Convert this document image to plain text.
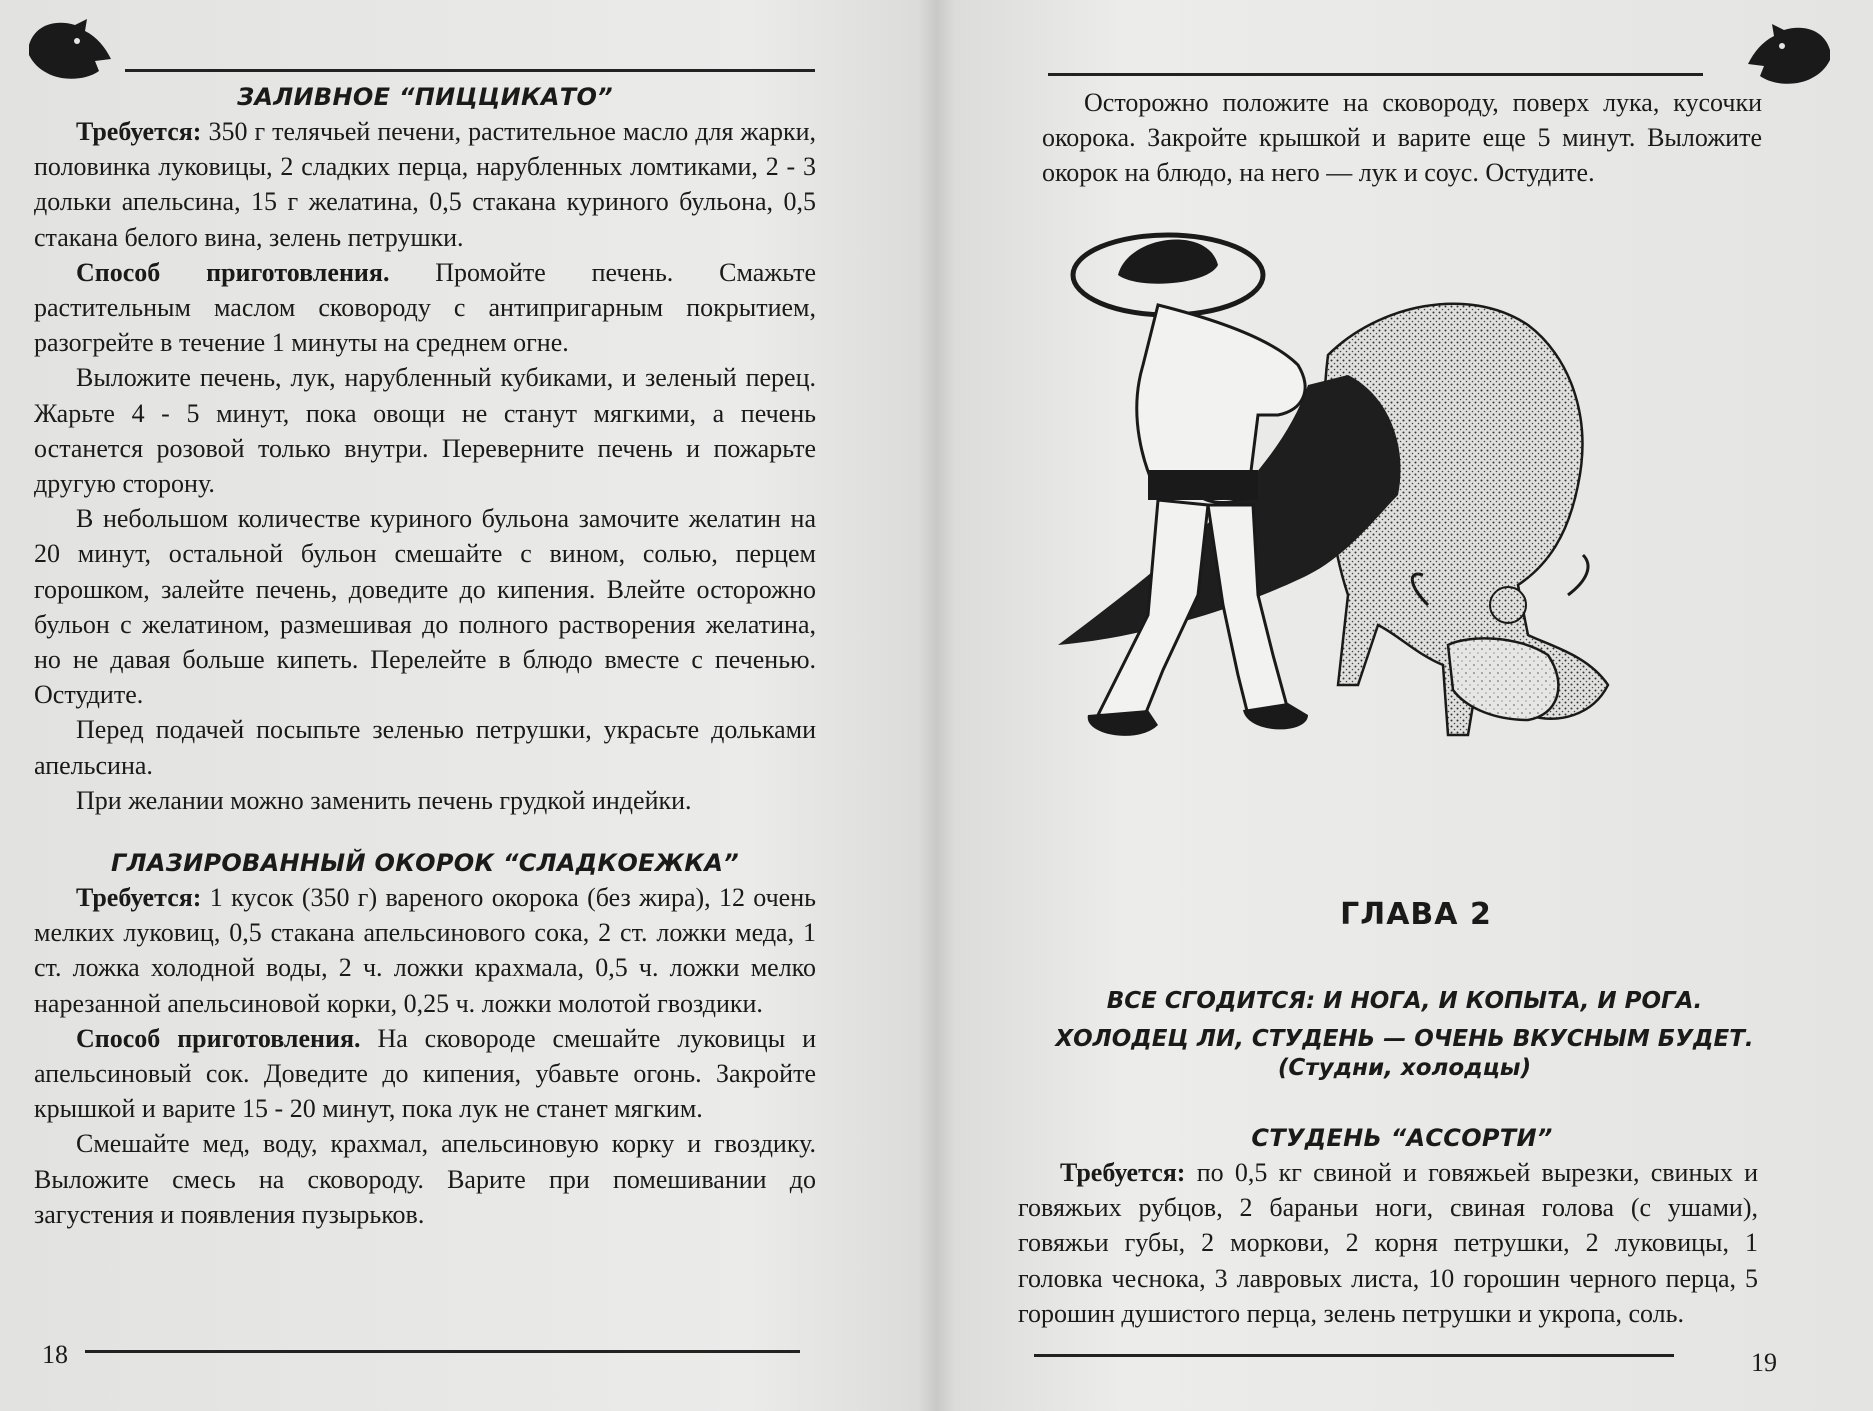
ЗАЛИВНОЕ “ПИЦЦИКАТО”

Требуется: 350 г телячьей печени, растительное масло для жарки, половинка луковицы, 2 сладких перца, нарубленных ломтиками, 2 - 3 дольки апельсина, 15 г желатина, 0,5 стакана куриного бульона, 0,5 стакана белого вина, зелень петрушки.

Способ приготовления. Промойте печень. Смажьте растительным маслом сковороду с антипригарным покрытием, разогрейте в течение 1 минуты на среднем огне.

Выложите печень, лук, нарубленный кубиками, и зеленый перец. Жарьте 4 - 5 минут, пока овощи не станут мягкими, а печень останется розовой только внутри. Переверните печень и пожарьте другую сторону.

В небольшом количестве куриного бульона замочите желатин на 20 минут, остальной бульон смешайте с вином, солью, перцем горошком, залейте печень, доведите до кипения. Влейте осторожно бульон с желатином, размешивая до полного растворения желатина, но не давая больше кипеть. Перелейте в блюдо вместе с печенью. Остудите.

Перед подачей посыпьте зеленью петрушки, украсьте дольками апельсина.

При желании можно заменить печень грудкой индейки.

ГЛАЗИРОВАННЫЙ ОКОРОК “СЛАДКОЕЖКА”

Требуется: 1 кусок (350 г) вареного окорока (без жира), 12 очень мелких луковиц, 0,5 стакана апельсинового сока, 2 ст. ложки меда, 1 ст. ложка холодной воды, 2 ч. ложки крахмала, 0,5 ч. ложки мелко нарезанной апельсиновой корки, 0,25 ч. ложки молотой гвоздики.

Способ приготовления. На сковороде смешайте луковицы и апельсиновый сок. Доведите до кипения, убавьте огонь. Закройте крышкой и варите 15 - 20 минут, пока лук не станет мягким.

Смешайте мед, воду, крахмал, апельсиновую корку и гвоздику. Выложите смесь на сковороду. Варите при помешивании до загустения и появления пузырьков.

18

Осторожно положите на сковороду, поверх лука, кусочки окорока. Закройте крышкой и варите еще 5 минут. Выложите окорок на блюдо, на него — лук и соус. Остудите.

19

Требуется: по 0,5 кг свиной и говяжьей вырезки, свиных и говяжьих рубцов, 2 бараньи ноги, свиная голова (с ушами), говяжьи губы, 2 моркови, 2 корня петрушки, 2 луковицы, 1 головка чеснока, 3 лавровых листа, 10 горошин черного перца, 5 горошин душистого перца, зелень петрушки и укропа, соль.

СТУДЕНЬ “АССОРТИ”
ГЛАВА 2
ВСЕ СГОДИТСЯ: И НОГА, И КОПЫТА, И РОГА.
ХОЛОДЕЦ ЛИ, СТУДЕНЬ — ОЧЕНЬ ВКУСНЫМ БУДЕТ.
(Студни, холодцы)
